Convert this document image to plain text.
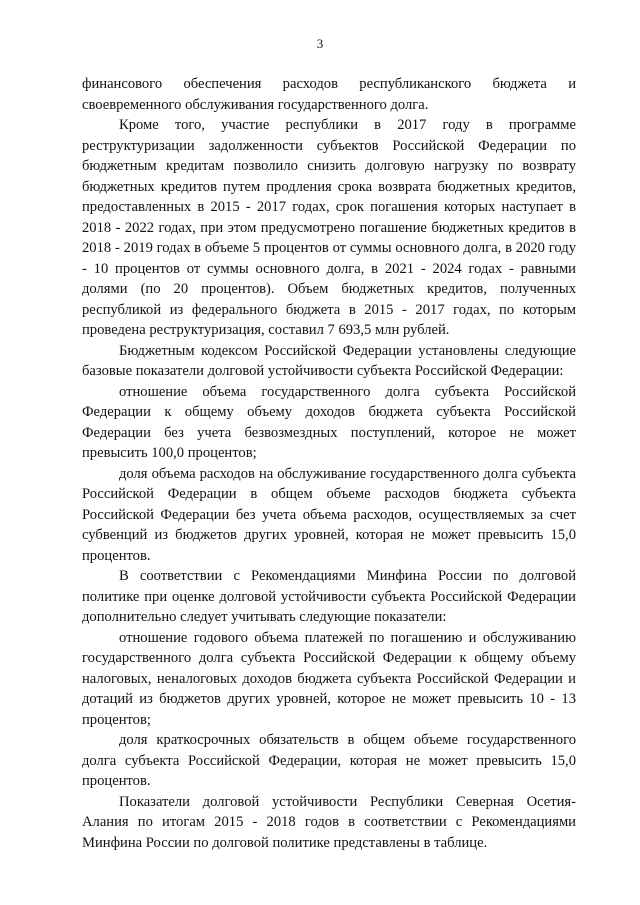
3

финансового обеспечения расходов республиканского бюджета и своевременного обслуживания государственного долга.

Кроме того, участие республики в 2017 году в программе реструктуризации задолженности субъектов Российской Федерации по бюджетным кредитам позволило снизить долговую нагрузку по возврату бюджетных кредитов путем продления срока возврата бюджетных кредитов, предоставленных в 2015 - 2017 годах, срок погашения которых наступает в 2018 - 2022 годах, при этом предусмотрено погашение бюджетных кредитов в 2018 - 2019 годах в объеме 5 процентов от суммы основного долга, в 2020 году - 10 процентов от суммы основного долга, в 2021 - 2024 годах - равными долями (по 20 процентов). Объем бюджетных кредитов, полученных республикой из федерального бюджета в 2015 - 2017 годах, по которым проведена реструктуризация, составил 7 693,5 млн рублей.

Бюджетным кодексом Российской Федерации установлены следующие базовые показатели долговой устойчивости субъекта Российской Федерации:

отношение объема государственного долга субъекта Российской Федерации к общему объему доходов бюджета субъекта Российской Федерации без учета безвозмездных поступлений, которое не может превысить 100,0 процентов;

доля объема расходов на обслуживание государственного долга субъекта Российской Федерации в общем объеме расходов бюджета субъекта Российской Федерации без учета объема расходов, осуществляемых за счет субвенций из бюджетов других уровней, которая не может превысить 15,0 процентов.

В соответствии с Рекомендациями Минфина России по долговой политике при оценке долговой устойчивости субъекта Российской Федерации дополнительно следует учитывать следующие показатели:

отношение годового объема платежей по погашению и обслуживанию государственного долга субъекта Российской Федерации к общему объему налоговых, неналоговых доходов бюджета субъекта Российской Федерации и дотаций из бюджетов других уровней, которое не может превысить 10 - 13 процентов;

доля краткосрочных обязательств в общем объеме государственного долга субъекта Российской Федерации, которая не может превысить 15,0 процентов.

Показатели долговой устойчивости Республики Северная Осетия-Алания по итогам 2015 - 2018 годов в соответствии с Рекомендациями Минфина России по долговой политике представлены в таблице.
